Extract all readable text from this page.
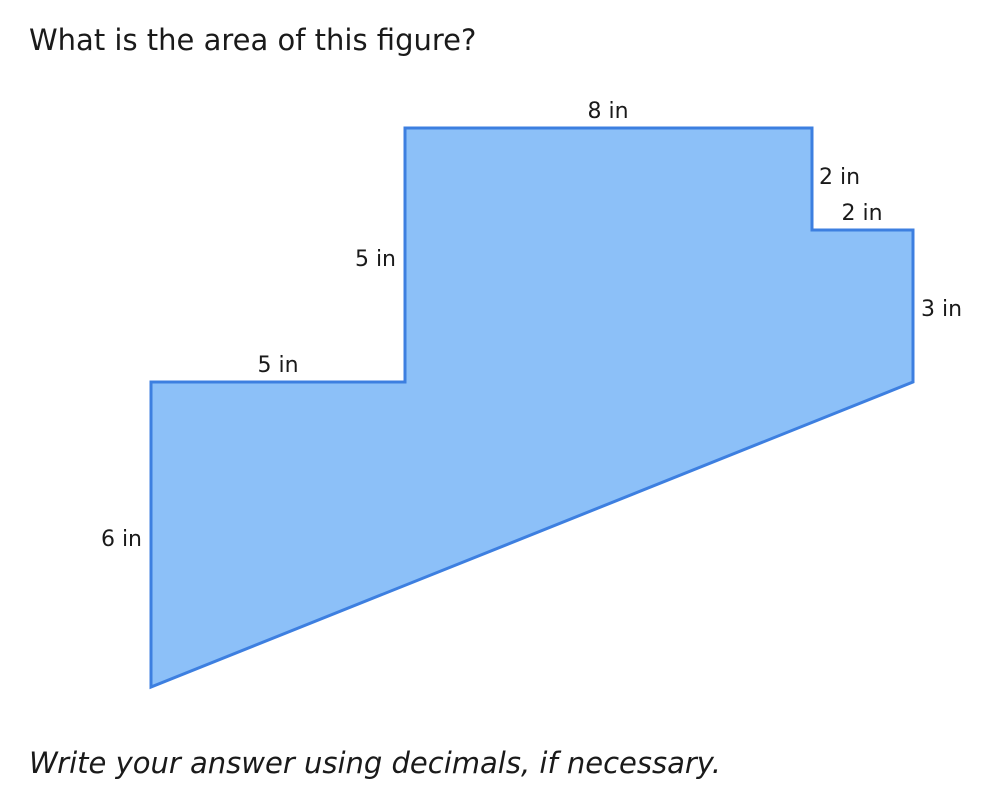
What is the area of this figure?
8 in
2 in
2 in
3 in
5 in
5 in
6 in

Write your answer using decimals, if necessary.
